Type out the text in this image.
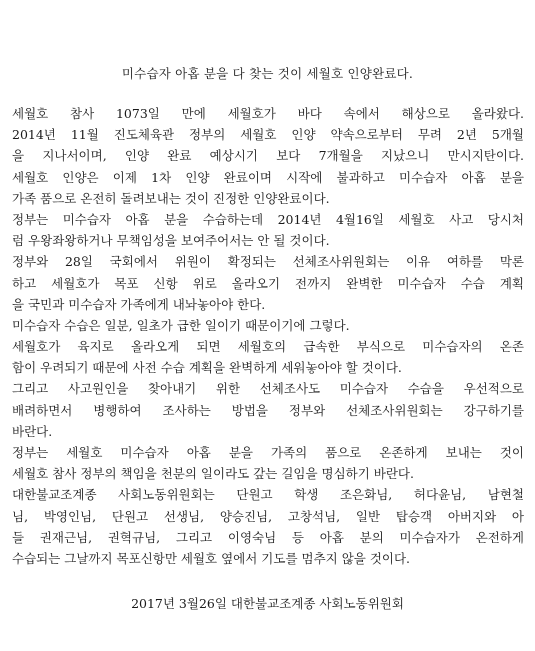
미수습자 아홉 분을 다 찾는 것이 세월호 인양완료다.
세월호 참사 1073일 만에 세월호가 바다 속에서 해상으로 올라왔다.
2014년 11월 진도체육관 정부의 세월호 인양 약속으로부터 무려 2년 5개월
을 지나서이며, 인양 완료 예상시기 보다 7개월을 지났으니 만시지탄이다.
세월호 인양은 이제 1차 인양 완료이며 시작에 불과하고 미수습자 아홉 분을
가족 품으로 온전히 돌려보내는 것이 진정한 인양완료이다.
정부는 미수습자 아홉 분을 수습하는데 2014년 4월16일 세월호 사고 당시처
럼 우왕좌왕하거나 무책임성을 보여주어서는 안 될 것이다.
정부와 28일 국회에서 위원이 확정되는 선체조사위원회는 이유 여하를 막론
하고 세월호가 목포 신항 위로 올라오기 전까지 완벽한 미수습자 수습 계획
을 국민과 미수습자 가족에게 내놔놓아야 한다.
미수습자 수습은 일분, 일초가 급한 일이기 때문이기에 그렇다.
세월호가 육지로 올라오게 되면 세월호의 급속한 부식으로 미수습자의 온존
함이 우려되기 때문에 사전 수습 계획을 완벽하게 세워놓아야 할 것이다.
그리고 사고원인을 찾아내기 위한 선체조사도 미수습자 수습을 우선적으로
배려하면서 병행하여 조사하는 방법을 정부와 선체조사위원회는 강구하기를
바란다.
정부는 세월호 미수습자 아홉 분을 가족의 품으로 온존하게 보내는 것이
세월호 참사 정부의 책임을 천분의 일이라도 갚는 길임을 명심하기 바란다.
대한불교조계종 사회노동위원회는 단원고 학생 조은화님, 허다윤님, 남현철
님, 박영인님, 단원고 선생님, 양승진님, 고창석님, 일반 탑승객 아버지와 아
들 권재근님, 권혁규님, 그리고 이영숙님 등 아홉 분의 미수습자가 온전하게
수습되는 그날까지 목포신항만 세월호 옆에서 기도를 멈추지 않을 것이다.
2017년 3월26일 대한불교조계종 사회노동위원회
